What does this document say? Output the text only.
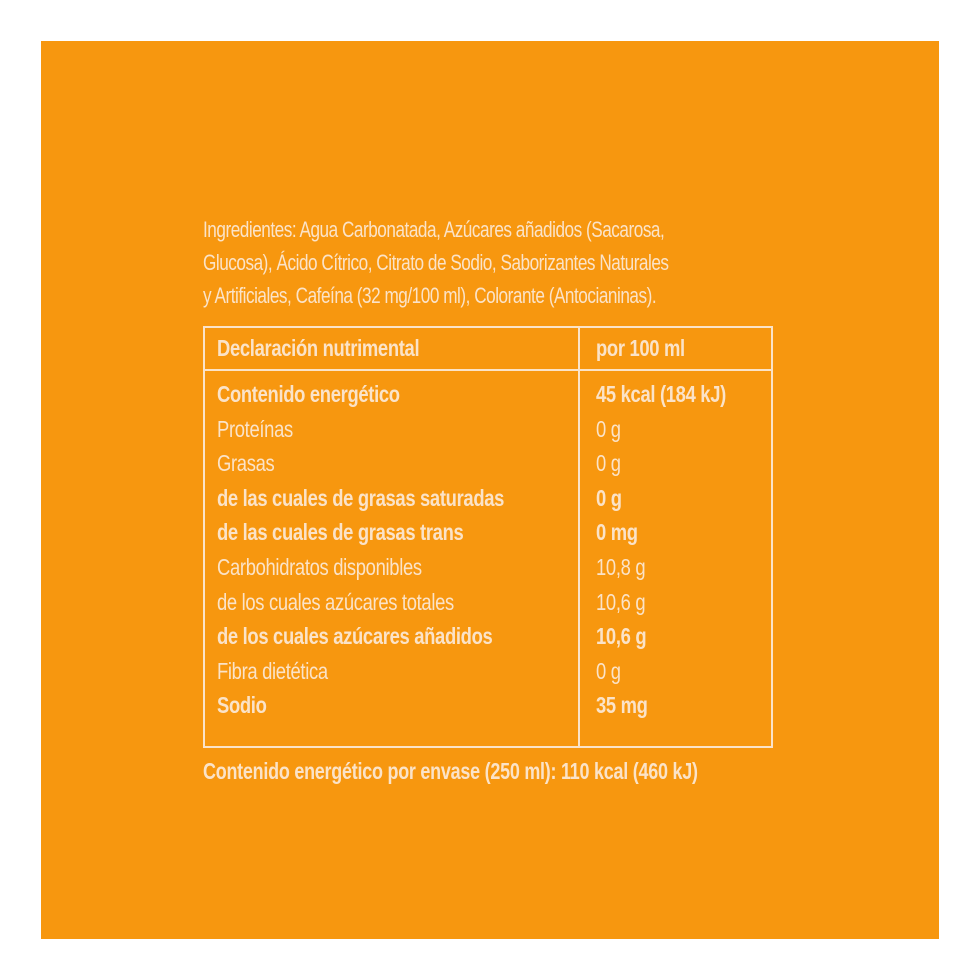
Ingredientes: Agua Carbonatada, Azúcares añadidos (Sacarosa,
Glucosa), Ácido Cítrico, Citrato de Sodio, Saborizantes Naturales
y Artificiales, Cafeína (32 mg/100 ml), Colorante (Antocianinas).
Declaración nutrimental	por 100 ml
Contenido energético	45 kcal (184 kJ)
Proteínas	0 g
Grasas	0 g
de las cuales de grasas saturadas	0 g
de las cuales de grasas trans	0 mg
Carbohidratos disponibles	10,8 g
de los cuales azúcares totales	10,6 g
de los cuales azúcares añadidos	10,6 g
Fibra dietética	0 g
Sodio	35 mg
Contenido energético por envase (250 ml): 110 kcal (460 kJ)
